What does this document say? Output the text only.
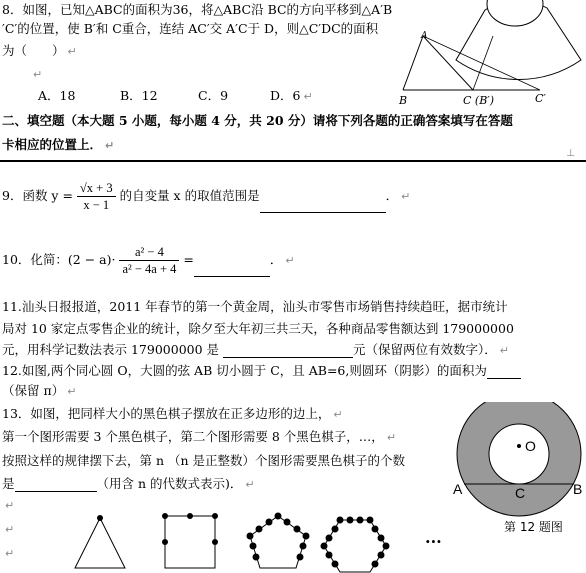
8．如图，已知△ABC的面积为36，将△ABC沿 BC的方向平移到△A′B
′C′的位置，使 B′和 C重合，连结 AC′交 A′C于 D，则△C′DC的面积
为（　　） ↵
↵
A．18	B．12	C．9	D．6 ↵	B
A
C (B′)	C′
二、填空题（本大题 5 小题，每小题 4 分，共 20 分）请将下列各题的正确答案填写在答题
卡相应的位置上． ↵
⊥
9．函数 $y = \frac{√x + 3}{x - 1}$ 的自变量 x 的取值范围是	． ↵
10．化简：$(2 - a)\cdot \frac{\text{a² − 4}}{\text{a² − 4a + 4}}$ =	． ↵
11.汕头日报报道，2011 年春节的第一个黄金周，汕头市零售市场销售持续趋旺，据市统计
局对 10 家定点零售企业的统计，除夕至大年初三共三天，各种商品零售额达到 179000000
元，用科学记数法表示 179000000 是	元（保留两位有效数字）． ↵
12.如图,两个同心圆 O，大圆的弦 AB 切小圆于 C，且 AB=6,则圆环（阴影）的面积为
（保留 π） ↵
O
A	B
C
第 12 题图
13．如图，把同样大小的黑色棋子摆放在正多边形的边上， ↵
第一个图形需要 3 个黑色棋子，第二个图形需要 8 个黑色棋子，…， ↵
按照这样的规律摆下去，第 n （n 是正整数）个图形需要黑色棋子的个数
是	（用含 n 的代数式表示)． ↵
↵
↵
↵
···
